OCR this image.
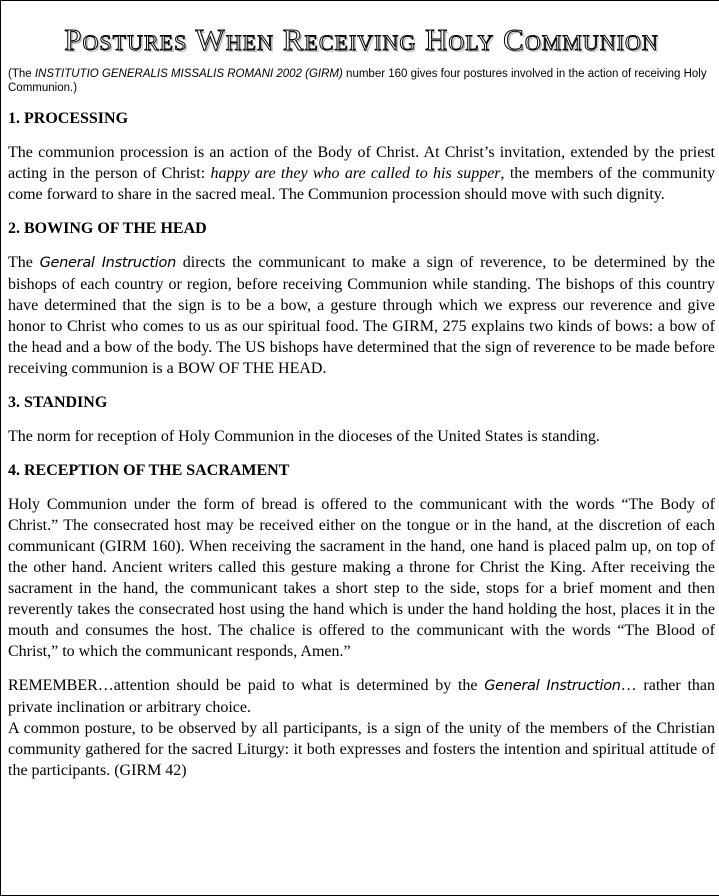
Postures When Receiving Holy Communion

(The INSTITUTIO GENERALIS MISSALIS ROMANI 2002 (GIRM) number 160 gives four postures involved in the action of receiving Holy Communion.)

1. PROCESSING

The communion procession is an action of the Body of Christ. At Christ’s invitation, extended by the priest acting in the person of Christ: happy are they who are called to his supper, the members of the community come forward to share in the sacred meal. The Communion procession should move with such dignity.

2. BOWING OF THE HEAD

The General Instruction directs the communicant to make a sign of reverence, to be determined by the bishops of each country or region, before receiving Communion while standing. The bishops of this country have determined that the sign is to be a bow, a gesture through which we express our reverence and give honor to Christ who comes to us as our spiritual food. The GIRM, 275 explains two kinds of bows: a bow of the head and a bow of the body. The US bishops have determined that the sign of reverence to be made before receiving communion is a BOW OF THE HEAD.

3. STANDING

The norm for reception of Holy Communion in the dioceses of the United States is standing.

4. RECEPTION OF THE SACRAMENT

Holy Communion under the form of bread is offered to the communicant with the words “The Body of Christ.” The consecrated host may be received either on the tongue or in the hand, at the discretion of each communicant (GIRM 160). When receiving the sacrament in the hand, one hand is placed palm up, on top of the other hand. Ancient writers called this gesture making a throne for Christ the King. After receiving the sacrament in the hand, the communicant takes a short step to the side, stops for a brief moment and then reverently takes the consecrated host using the hand which is under the hand holding the host, places it in the mouth and consumes the host. The chalice is offered to the communicant with the words “The Blood of Christ,” to which the communicant responds, Amen.”

REMEMBER…attention should be paid to what is determined by the General Instruction… rather than private inclination or arbitrary choice.

A common posture, to be observed by all participants, is a sign of the unity of the members of the Christian community gathered for the sacred Liturgy: it both expresses and fosters the intention and spiritual attitude of the participants. (GIRM 42)
